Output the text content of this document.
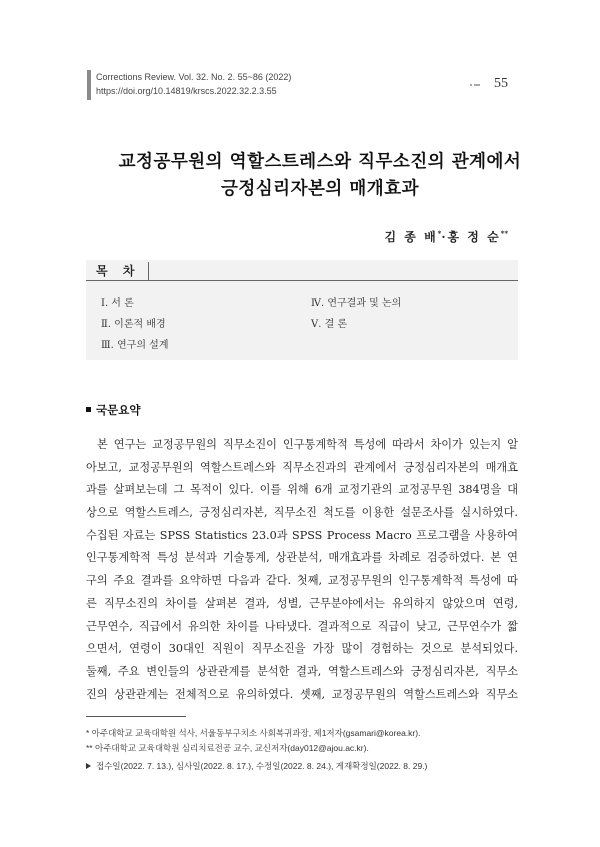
Corrections Review. Vol. 32. No. 2. 55~86 (2022)
https://doi.org/10.14819/krscs.2022.32.2.3.55	55
교정공무원의 역할스트레스와 직무소진의 관계에서
긍정심리자본의 매개효과
김 종 배*·홍 정 순**
목 차
Ⅰ. 서 론
Ⅱ. 이론적 배경
Ⅲ. 연구의 설계
Ⅳ. 연구결과 및 논의
Ⅴ. 결 론
국문요약
본 연구는 교정공무원의 직무소진이 인구통계학적 특성에 따라서 차이가 있는지 알
아보고, 교정공무원의 역할스트레스와 직무소진과의 관계에서 긍정심리자본의 매개효
과를 살펴보는데 그 목적이 있다. 이를 위해 6개 교정기관의 교정공무원 384명을 대
상으로 역할스트레스, 긍정심리자본, 직무소진 척도를 이용한 설문조사를 실시하였다.
수집된 자료는 SPSS Statistics 23.0과 SPSS Process Macro 프로그램을 사용하여
인구통계학적 특성 분석과 기술통계, 상관분석, 매개효과를 차례로 검증하였다. 본 연
구의 주요 결과를 요약하면 다음과 같다. 첫째, 교정공무원의 인구통계학적 특성에 따
른 직무소진의 차이를 살펴본 결과, 성별, 근무분야에서는 유의하지 않았으며 연령,
근무연수, 직급에서 유의한 차이를 나타냈다. 결과적으로 직급이 낮고, 근무연수가 짧
으면서, 연령이 30대인 직원이 직무소진을 가장 많이 경험하는 것으로 분석되었다.
둘째, 주요 변인들의 상관관계를 분석한 결과, 역할스트레스와 긍정심리자본, 직무소
진의 상관관계는 전체적으로 유의하였다. 셋째, 교정공무원의 역할스트레스와 직무소
* 아주대학교 교육대학원 석사, 서울동부구치소 사회복귀과장, 제1저자(gsamari@korea.kr).
** 아주대학교 교육대학원 심리치료전공 교수, 교신저자(day012@ajou.ac.kr).
접수일(2022. 7. 13.), 심사일(2022. 8. 17.), 수정일(2022. 8. 24.), 게재확정일(2022. 8. 29.)
